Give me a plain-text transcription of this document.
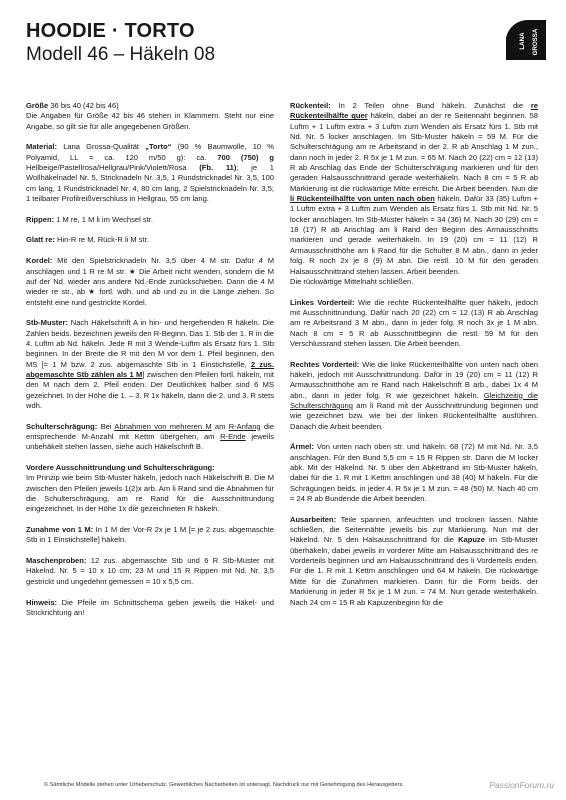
HOODIE · TORTO
Modell 46 – Häkeln 08
LANA GROSSA
Größe 36 bis 40 (42 bis 46)
Die Angaben für Größe 42 bis 46 stehen in Klammern. Steht nur eine Angabe, so gilt sie für alle angegebenen Größen.
Material: Lana Grossa-Qualität „Torto“ (90 % Baumwolle, 10 % Polyamid, LL = ca. 120 m/50 g): ca. 700 (750) g Hellbeige/Pastellrosa/Hellgrau/Pink/Violett/Rosa (Fb. 11); je 1 Wollhäkelnadel Nr. 5, Stricknadeln Nr. 3,5, 1 Rundstricknadel Nr. 3,5, 100 cm lang, 1 Rundstricknadel Nr. 4, 80 cm lang, 2 Spielstricknadeln Nr. 3,5; 1 teilbarer Profilreißverschluss in Hellgrau, 55 cm lang.
Rippen: 1 M re, 1 M li im Wechsel str.
Glatt re: Hin-R re M, Rück-R li M str.
Kordel: Mit den Spielstricknadeln Nr. 3,5 über 4 M str. Dafür 4 M anschlagen und 1 R re M str. ★ Die Arbeit nicht wenden, sondern die M auf der Nd. wieder ans andere Nd.-Ende zurückschieben. Dann die 4 M wieder re str., ab ★ fortl. wdh. und ab und zu in die Länge ziehen. So entsteht eine rund gestrickte Kordel.
Stb-Muster: Nach Häkelschrift A in hin- und hergehenden R häkeln. Die Zahlen beids. bezeichnen jeweils den R-Beginn. Das 1. Stb der 1. R in die 4. Luftm ab Nd. häkeln. Jede R mit 3 Wende-Luftm als Ersatz fürs 1. Stb beginnen. In der Breite die R mit den M vor dem 1. Pfeil beginnen, den MS [= 1 M bzw. 2 zus. abgemaschte Stb in 1 Einstichstelle, 2 zus. abgemaschte Stb zählen als 1 M] zwischen den Pfeilen fortl. häkeln, mit den M nach dem 2. Pfeil enden. Der Deutlichkeit halber sind 6 MS gezeichnet. In der Höhe die 1. – 3. R 1x häkeln, dann die 2. und 3. R stets wdh.
Schulterschrägung: Bei Abnahmen von mehreren M am R-Anfang die entsprechende M-Anzahl mit Kettm übergehen, am R-Ende jeweils unbehäkelt stehen lassen, siehe auch Häkelschrift B.
Vordere Ausschnittrundung und Schulterschrägung:
Im Prinzip wie beim Stb-Muster häkeln, jedoch nach Häkelschrift B. Die M zwischen den Pfeilen jeweils 1(2)x arb. Am li Rand sind die Abnahmen für die Schulterschrägung, am re Rand für die Ausschnittrundung eingezeichnet. In der Höhe 1x die gezeichneten R häkeln.
Zunahme von 1 M: In 1 M der Vor-R 2x je 1 M [= je 2 zus. abgemaschte Stb in 1 Einstichstelle] häkeln.
Maschenproben: 12 zus. abgemaschte Stb und 6 R Stb-Muster mit Häkelnd. Nr. 5 = 10 x 10 cm; 23 M und 15 R Rippen mit Nd. Nr. 3,5 gestrickt und ungedehnt gemessen = 10 x 5,5 cm.
Hinweis: Die Pfeile im Schnittschema geben jeweils die Häkel- und Strickrichtung an!
Rückenteil: In 2 Teilen ohne Bund häkeln. Zunächst die re Rückenteilhälfte quer häkeln, dabei an der re Seitennaht beginnen. 58 Luftm + 1 Luftm extra + 3 Luftm zum Wenden als Ersatz fürs 1. Stb mit Nd. Nr. 5 locker anschlagen. Im Stb-Muster häkeln = 59 M. Für die Schulterschrägung am re Arbeitsrand in der 2. R ab Anschlag 1 M zun., dann noch in jeder 2. R 5x je 1 M zun. = 65 M. Nach 20 (22) cm = 12 (13) R ab Anschlag das Ende der Schulterschrägung markieren und für den geraden Halsausschnittrand gerade weiterhäkeln. Nach 8 cm = 5 R ab Markierung ist die rückwärtige Mitte erreicht. Die Arbeit beenden. Nun die li Rückenteilhälfte von unten nach oben häkeln. Dafür 33 (35) Luftm + 1 Luftm extra + 3 Luftm zum Wenden als Ersatz fürs 1. Stb mit Nd. Nr. 5 locker anschlagen. Im Stb-Muster häkeln = 34 (36) M. Nach 30 (29) cm = 18 (17) R ab Anschlag am li Rand den Beginn des Armausschnitts markieren und gerade weiterhäkeln. In 19 (20) cm = 11 (12) R Armausschnitthöhe am li Rand für die Schulter 8 M abn., dann in jeder folg. R noch 2x je 8 (9) M abn. Die restl. 10 M für den geraden Halsausschnittrand stehen lassen. Arbeit beenden.
Die rückwärtige Mittelnaht schließen.
Linkes Vorderteil: Wie die rechte Rückenteilhälfte quer häkeln, jedoch mit Ausschnittrundung. Dafür nach 20 (22) cm = 12 (13) R ab Anschlag am re Arbeitsrand 3 M abn., dann in jeder folg. R noch 3x je 1 M abn. Nach 8 cm = 5 R ab Ausschnittbeginn die restl. 59 M für den Verschlussrand stehen lassen. Die Arbeit beenden.
Rechtes Vorderteil: Wie die linke Rückenteilhälfte von unten nach oben häkeln, jedoch mit Ausschnittrundung. Dafür in 19 (20) cm = 11 (12) R Armausschnitthöhe am re Rand nach Häkelschrift B arb., dabei 1x 4 M abn., dann in jeder folg. R wie gezeichnet häkeln. Gleichzeitig die Schulterschrägung am li Rand mit der Ausschnittrundung beginnen und wie gezeichnet bzw. wie bei der linken Rückenteilhälfte ausführen. Danach die Arbeit beenden.
Ärmel: Von unten nach oben str. und häkeln. 68 (72) M mit Nd. Nr. 3,5 anschlagen. Für den Bund 5,5 cm = 15 R Rippen str. Dann die M locker abk. Mit der Häkelnd. Nr. 5 über den Abkettrand im Stb-Muster häkeln, dabei für die 1. R mit 1 Kettm anschlingen und 38 (40) M häkeln. Für die Schrägungen beids. in jeder 4. R 5x je 1 M zun. = 48 (50) M. Nach 40 cm = 24 R ab Bundende die Arbeit beenden.
Ausarbeiten: Teile spannen, anfeuchten und trocknen lassen. Nähte schließen, die Seitennähte jeweils bis zur Markierung. Nun mit der Häkelnd. Nr. 5 den Halsausschnittrand für die Kapuze im Stb-Muster überhäkeln, dabei jeweils in vorderer Mitte am Halsausschnittrand des re Vorderteils beginnen und am Halsausschnittrand des li Vorderteils enden. Für die 1. R mit 1 Kettm anschlingen und 64 M häkeln. Die rückwärtige Mitte für die Zunahmen markieren. Dann für die Form beids. der Markierung in jeder R 5x je 1 M zun. = 74 M. Nun gerade weiterhäkeln. Nach 24 cm = 15 R ab Kapuzenbeginn für die
© Sämtliche Modelle stehen unter Urheberschutz. Gewerbliches Nacharbeiten ist untersagt. Nachdruck nur mit Genehmigung des Herausgebers.	PassionForum.ru
